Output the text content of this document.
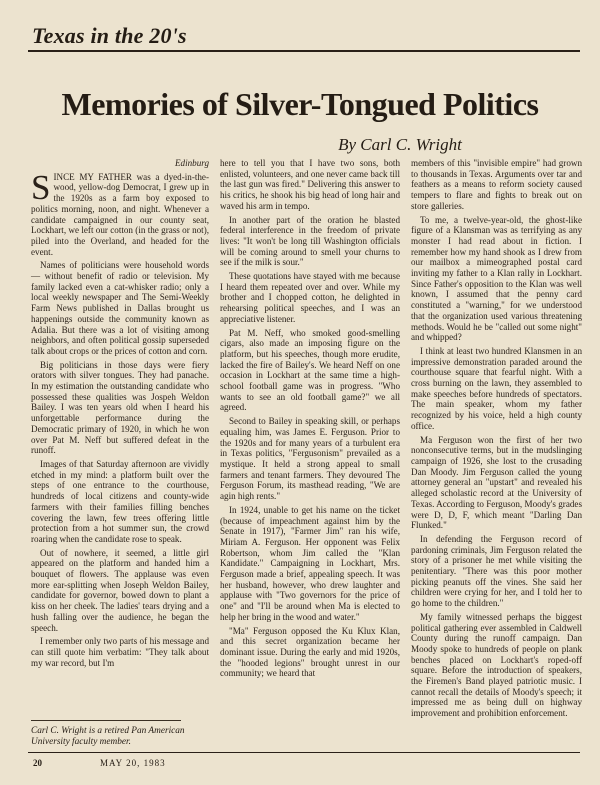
Texas in the 20's
Memories of Silver-Tongued Politics
By Carl C. Wright

Edinburg

SINCE MY FATHER was a dyed-in-the-wood, yellow-dog Democrat, I grew up in the 1920s as a farm boy exposed to politics morning, noon, and night. Whenever a candidate campaigned in our county seat, Lockhart, we left our cotton (in the grass or not), piled into the Overland, and headed for the event.

Names of politicians were household words — without benefit of radio or television. My family lacked even a cat-whisker radio; only a local weekly newspaper and The Semi-Weekly Farm News published in Dallas brought us happenings outside the community known as Adalia. But there was a lot of visiting among neighbors, and often political gossip superseded talk about crops or the prices of cotton and corn.

Big politicians in those days were fiery orators with silver tongues. They had panache. In my estimation the outstanding candidate who possessed these qualities was Jospeh Weldon Bailey. I was ten years old when I heard his unforgettable performance during the Democratic primary of 1920, in which he won over Pat M. Neff but suffered defeat in the runoff.

Images of that Saturday afternoon are vividly etched in my mind: a platform built over the steps of one entrance to the courthouse, hundreds of local citizens and county-wide farmers with their families filling benches covering the lawn, few trees offering little protection from a hot summer sun, the crowd roaring when the candidate rose to speak.

Out of nowhere, it seemed, a little girl appeared on the platform and handed him a bouquet of flowers. The applause was even more ear-splitting when Joseph Weldon Bailey, candidate for governor, bowed down to plant a kiss on her cheek. The ladies' tears drying and a hush falling over the audience, he began the speech.

I remember only two parts of his message and can still quote him verbatim: "They talk about my war record, but I'm

here to tell you that I have two sons, both enlisted, volunteers, and one never came back till the last gun was fired." Delivering this answer to his critics, he shook his big head of long hair and waved his arm in tempo.

In another part of the oration he blasted federal interference in the freedom of private lives: "It won't be long till Washington officials will be coming around to smell your churns to see if the milk is sour."

These quotations have stayed with me because I heard them repeated over and over. While my brother and I chopped cotton, he delighted in rehearsing political speeches, and I was an appreciative listener.

Pat M. Neff, who smoked good-smelling cigars, also made an imposing figure on the platform, but his speeches, though more erudite, lacked the fire of Bailey's. We heard Neff on one occasion in Lockhart at the same time a high-school football game was in progress. "Who wants to see an old football game?" we all agreed.

Second to Bailey in speaking skill, or perhaps equaling him, was James E. Ferguson. Prior to the 1920s and for many years of a turbulent era in Texas politics, "Fergusonism" prevailed as a mystique. It held a strong appeal to small farmers and tenant farmers. They devoured The Ferguson Forum, its masthead reading, "We are agin high rents."

In 1924, unable to get his name on the ticket (because of impeachment against him by the Senate in 1917), "Farmer Jim" ran his wife, Miriam A. Ferguson. Her opponent was Felix Robertson, whom Jim called the "Klan Kandidate." Campaigning in Lockhart, Mrs. Ferguson made a brief, appealing speech. It was her husband, however, who drew laughter and applause with "Two governors for the price of one" and "I'll be around when Ma is elected to help her bring in the wood and water."

"Ma" Ferguson opposed the Ku Klux Klan, and this secret organization became her dominant issue. During the early and mid 1920s, the "hooded legions" brought unrest in our community; we heard that

members of this "invisible empire" had grown to thousands in Texas. Arguments over tar and feathers as a means to reform society caused tempers to flare and fights to break out on store galleries.

To me, a twelve-year-old, the ghost-like figure of a Klansman was as terrifying as any monster I had read about in fiction. I remember how my hand shook as I drew from our mailbox a mimeographed postal card inviting my father to a Klan rally in Lockhart. Since Father's opposition to the Klan was well known, I assumed that the penny card constituted a "warning," for we understood that the organization used various threatening methods. Would he be "called out some night" and whipped?

I think at least two hundred Klansmen in an impressive demonstration paraded around the courthouse square that fearful night. With a cross burning on the lawn, they assembled to make speeches before hundreds of spectators. The main speaker, whom my father recognized by his voice, held a high county office.

Ma Ferguson won the first of her two nonconsecutive terms, but in the mudslinging campaign of 1926, she lost to the crusading Dan Moody. Jim Ferguson called the young attorney general an "upstart" and revealed his alleged scholastic record at the University of Texas. According to Ferguson, Moody's grades were D, D, F, which meant "Darling Dan Flunked."

In defending the Ferguson record of pardoning criminals, Jim Ferguson related the story of a prisoner he met while visiting the penitentiary. "There was this poor mother picking peanuts off the vines. She said her children were crying for her, and I told her to go home to the children."

My family witnessed perhaps the biggest political gathering ever assembled in Caldwell County during the runoff campaign. Dan Moody spoke to hundreds of people on plank benches placed on Lockhart's roped-off square. Before the introduction of speakers, the Firemen's Band played patriotic music. I cannot recall the details of Moody's speech; it impressed me as being dull on highway improvement and prohibition enforcement.

Carl C. Wright is a retired Pan American University faculty member.
20	MAY 20, 1983
